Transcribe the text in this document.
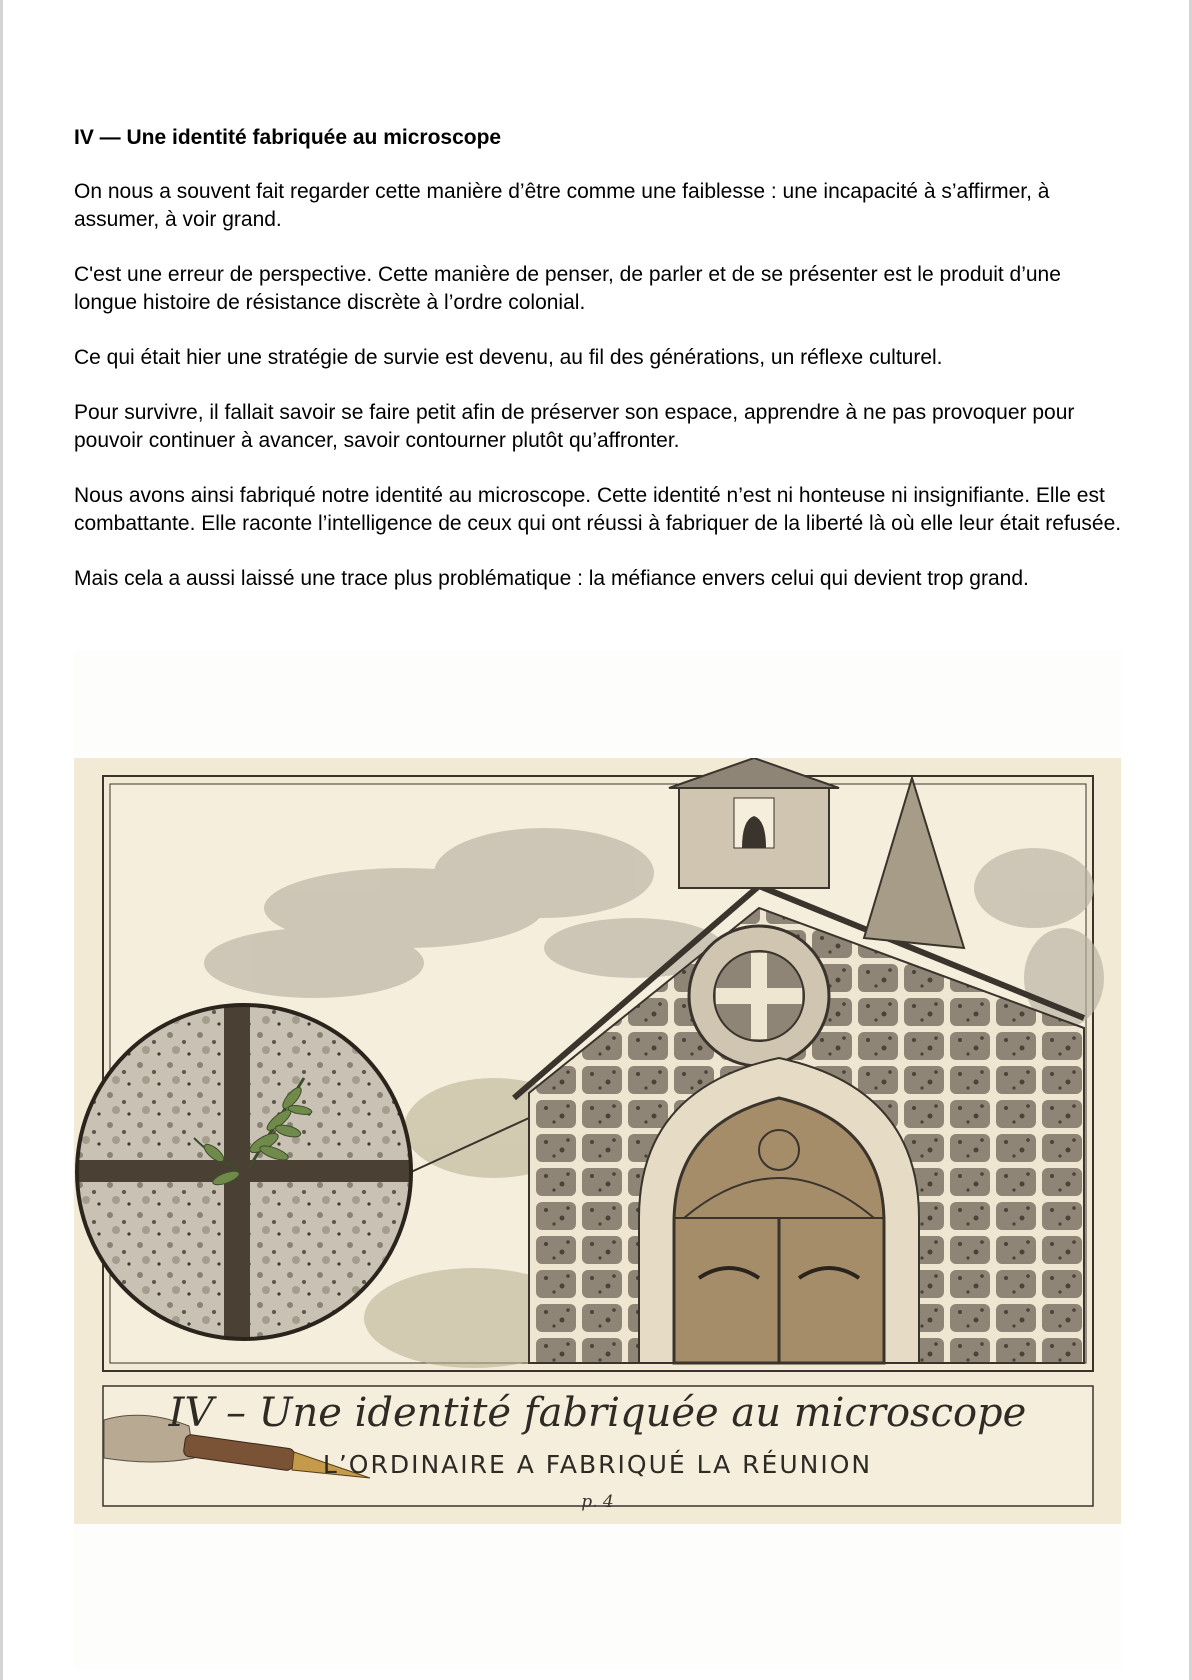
IV — Une identité fabriquée au microscope

On nous a souvent fait regarder cette manière d’être comme une faiblesse : une incapacité à s’affirmer, à assumer, à voir grand.

C'est une erreur de perspective. Cette manière de penser, de parler et de se présenter est le produit d’une longue histoire de résistance discrète à l’ordre colonial.

Ce qui était hier une stratégie de survie est devenu, au fil des générations, un réflexe culturel.

Pour survivre, il fallait savoir se faire petit afin de préserver son espace, apprendre à ne pas provoquer pour pouvoir continuer à avancer, savoir contourner plutôt qu’affronter.

Nous avons ainsi fabriqué notre identité au microscope. Cette identité n’est ni honteuse ni insignifiante. Elle est combattante. Elle raconte l’intelligence de ceux qui ont réussi à fabriquer de la liberté là où elle leur était refusée.

Mais cela a aussi laissé une trace plus problématique : la méfiance envers celui qui devient trop grand.

IV – Une identité fabriquée au microscope
L’ORDINAIRE A FABRIQUÉ LA RÉUNION
p. 4
